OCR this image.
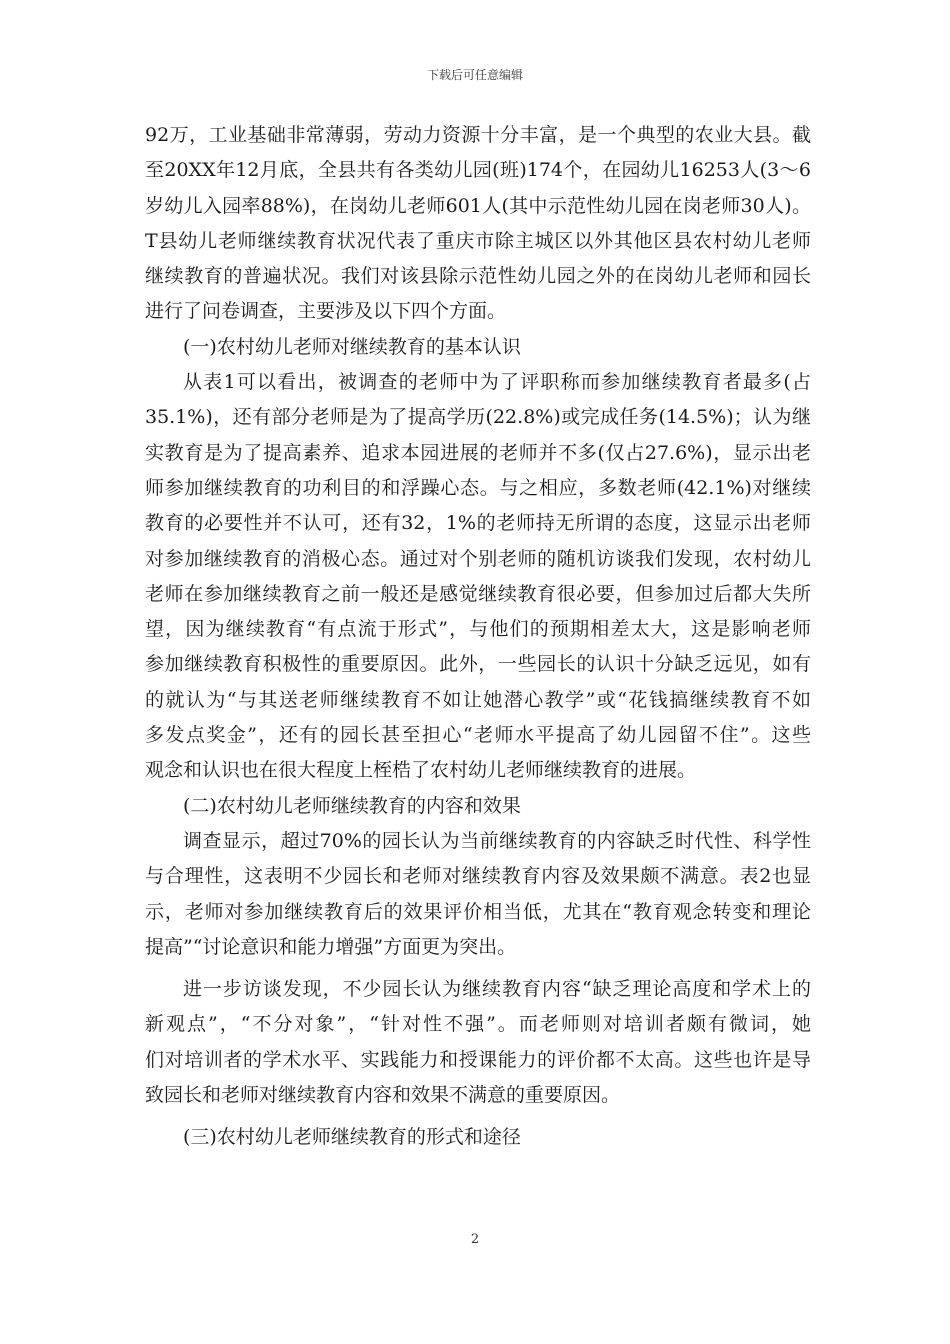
下载后可任意编辑
92万，工业基础非常薄弱，劳动力资源十分丰富，是一个典型的农业大县。截
至20XX年12月底，全县共有各类幼儿园(班)174个，在园幼儿16253人(3～6
岁幼儿入园率88%)，在岗幼儿老师601人(其中示范性幼儿园在岗老师30人)。
T县幼儿老师继续教育状况代表了重庆市除主城区以外其他区县农村幼儿老师
继续教育的普遍状况。我们对该县除示范性幼儿园之外的在岗幼儿老师和园长
进行了问卷调查，主要涉及以下四个方面。
(一)农村幼儿老师对继续教育的基本认识
从表1可以看出，被调查的老师中为了评职称而参加继续教育者最多(占
35.1%)，还有部分老师是为了提高学历(22.8%)或完成任务(14.5%)；认为继
实教育是为了提高素养、追求本园进展的老师并不多(仅占27.6%)，显示出老
师参加继续教育的功利目的和浮躁心态。与之相应，多数老师(42.1%)对继续
教育的必要性并不认可，还有32，1%的老师持无所谓的态度，这显示出老师
对参加继续教育的消极心态。通过对个别老师的随机访谈我们发现，农村幼儿
老师在参加继续教育之前一般还是感觉继续教育很必要，但参加过后都大失所
望，因为继续教育“有点流于形式”，与他们的预期相差太大，这是影响老师
参加继续教育积极性的重要原因。此外，一些园长的认识十分缺乏远见，如有
的就认为“与其送老师继续教育不如让她潜心教学”或“花钱搞继续教育不如
多发点奖金”，还有的园长甚至担心“老师水平提高了幼儿园留不住”。这些
观念和认识也在很大程度上桎梏了农村幼儿老师继续教育的进展。
(二)农村幼儿老师继续教育的内容和效果
调查显示，超过70%的园长认为当前继续教育的内容缺乏时代性、科学性
与合理性，这表明不少园长和老师对继续教育内容及效果颇不满意。表2也显
示，老师对参加继续教育后的效果评价相当低，尤其在“教育观念转变和理论
提高”“讨论意识和能力增强”方面更为突出。
进一步访谈发现，不少园长认为继续教育内容“缺乏理论高度和学术上的
新观点”，“不分对象”，“针对性不强”。而老师则对培训者颇有微词，她
们对培训者的学术水平、实践能力和授课能力的评价都不太高。这些也许是导
致园长和老师对继续教育内容和效果不满意的重要原因。
(三)农村幼儿老师继续教育的形式和途径
2
